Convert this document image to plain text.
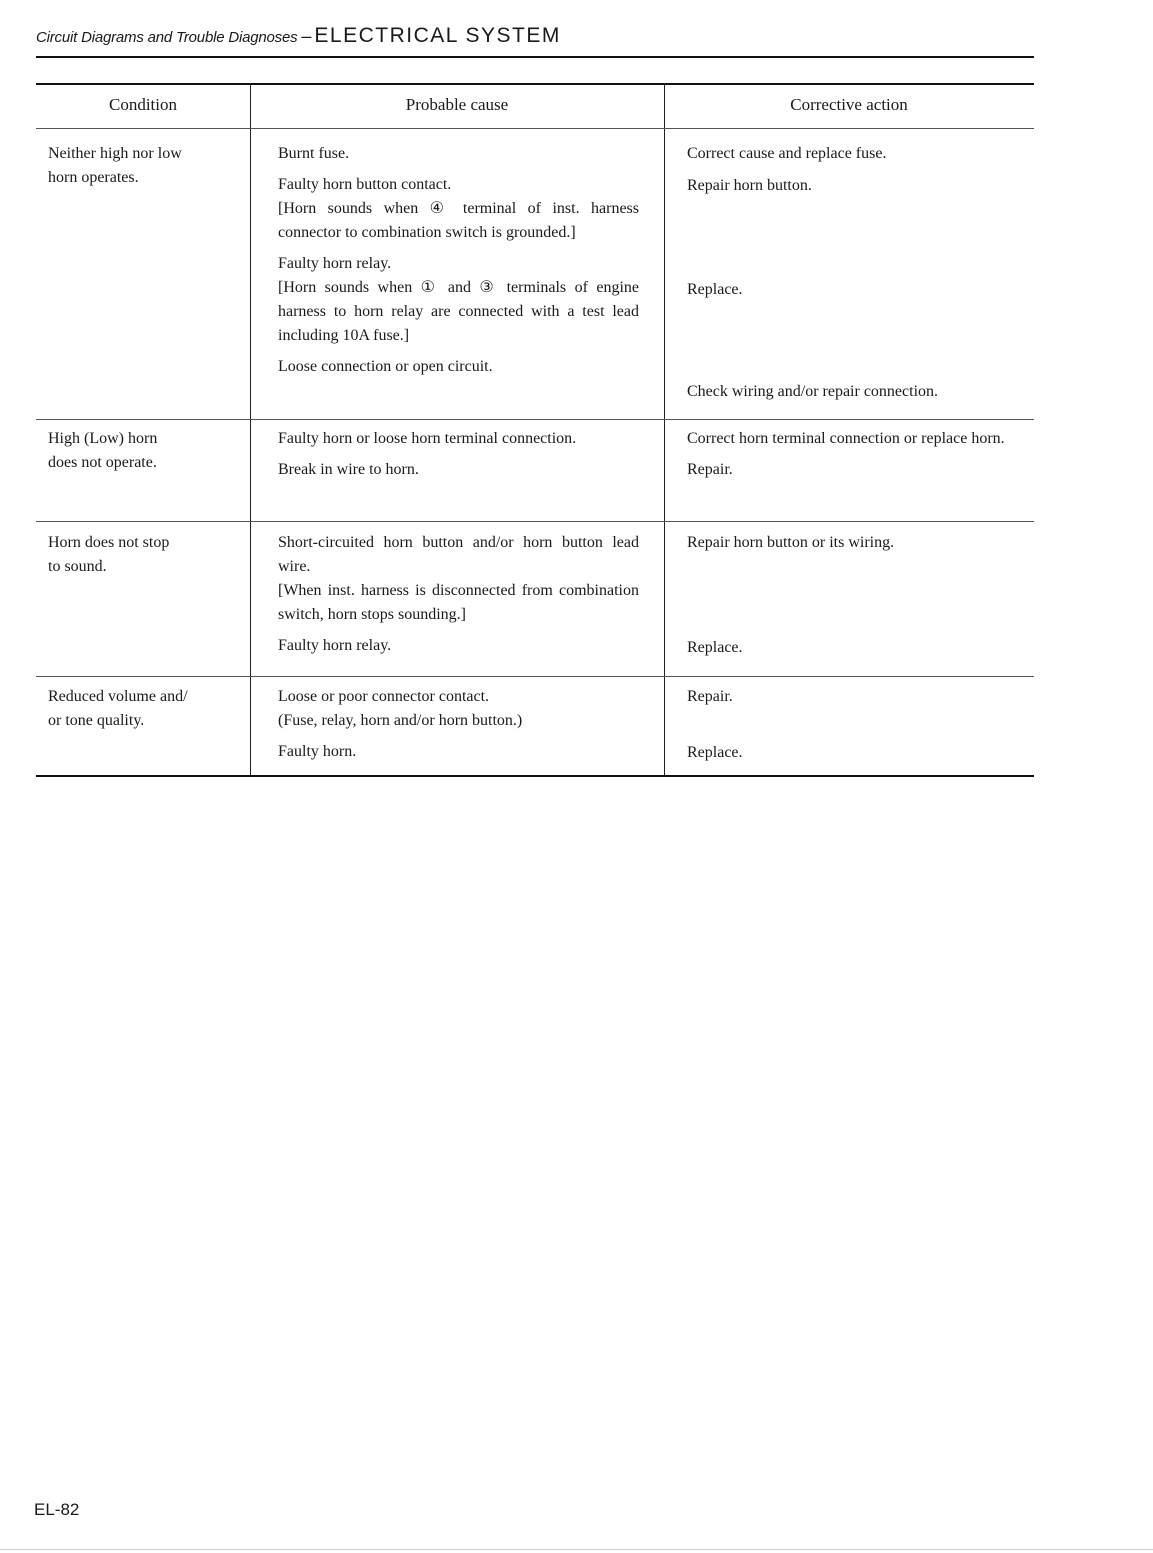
Circuit Diagrams and Trouble Diagnoses – ELECTRICAL SYSTEM
Condition	Probable cause	Corrective action
Neither high nor low
horn operates.

Burnt fuse.

Faulty horn button contact.

[Horn sounds when ④ terminal of inst. harness connector to combination switch is grounded.]

Faulty horn relay.

[Horn sounds when ① and ③ terminals of engine harness to horn relay are connected with a test lead including 10A fuse.]

Loose connection or open circuit.

Correct cause and replace fuse.
Repair horn button.
Replace.
Check wiring and/or repair connection.
High (Low) horn
does not operate.

Faulty horn or loose horn terminal connection.

Break in wire to horn.

Correct horn terminal connection or replace horn.

Repair.

Horn does not stop
to sound.

Short-circuited horn button and/or horn button lead wire.

[When inst. harness is disconnected from combination switch, horn stops sounding.]

Faulty horn relay.

Repair horn button or its wiring.
Replace.
Reduced volume and/
or tone quality.

Loose or poor connector contact.

(Fuse, relay, horn and/or horn button.)

Faulty horn.

Repair.
Replace.
EL-82
